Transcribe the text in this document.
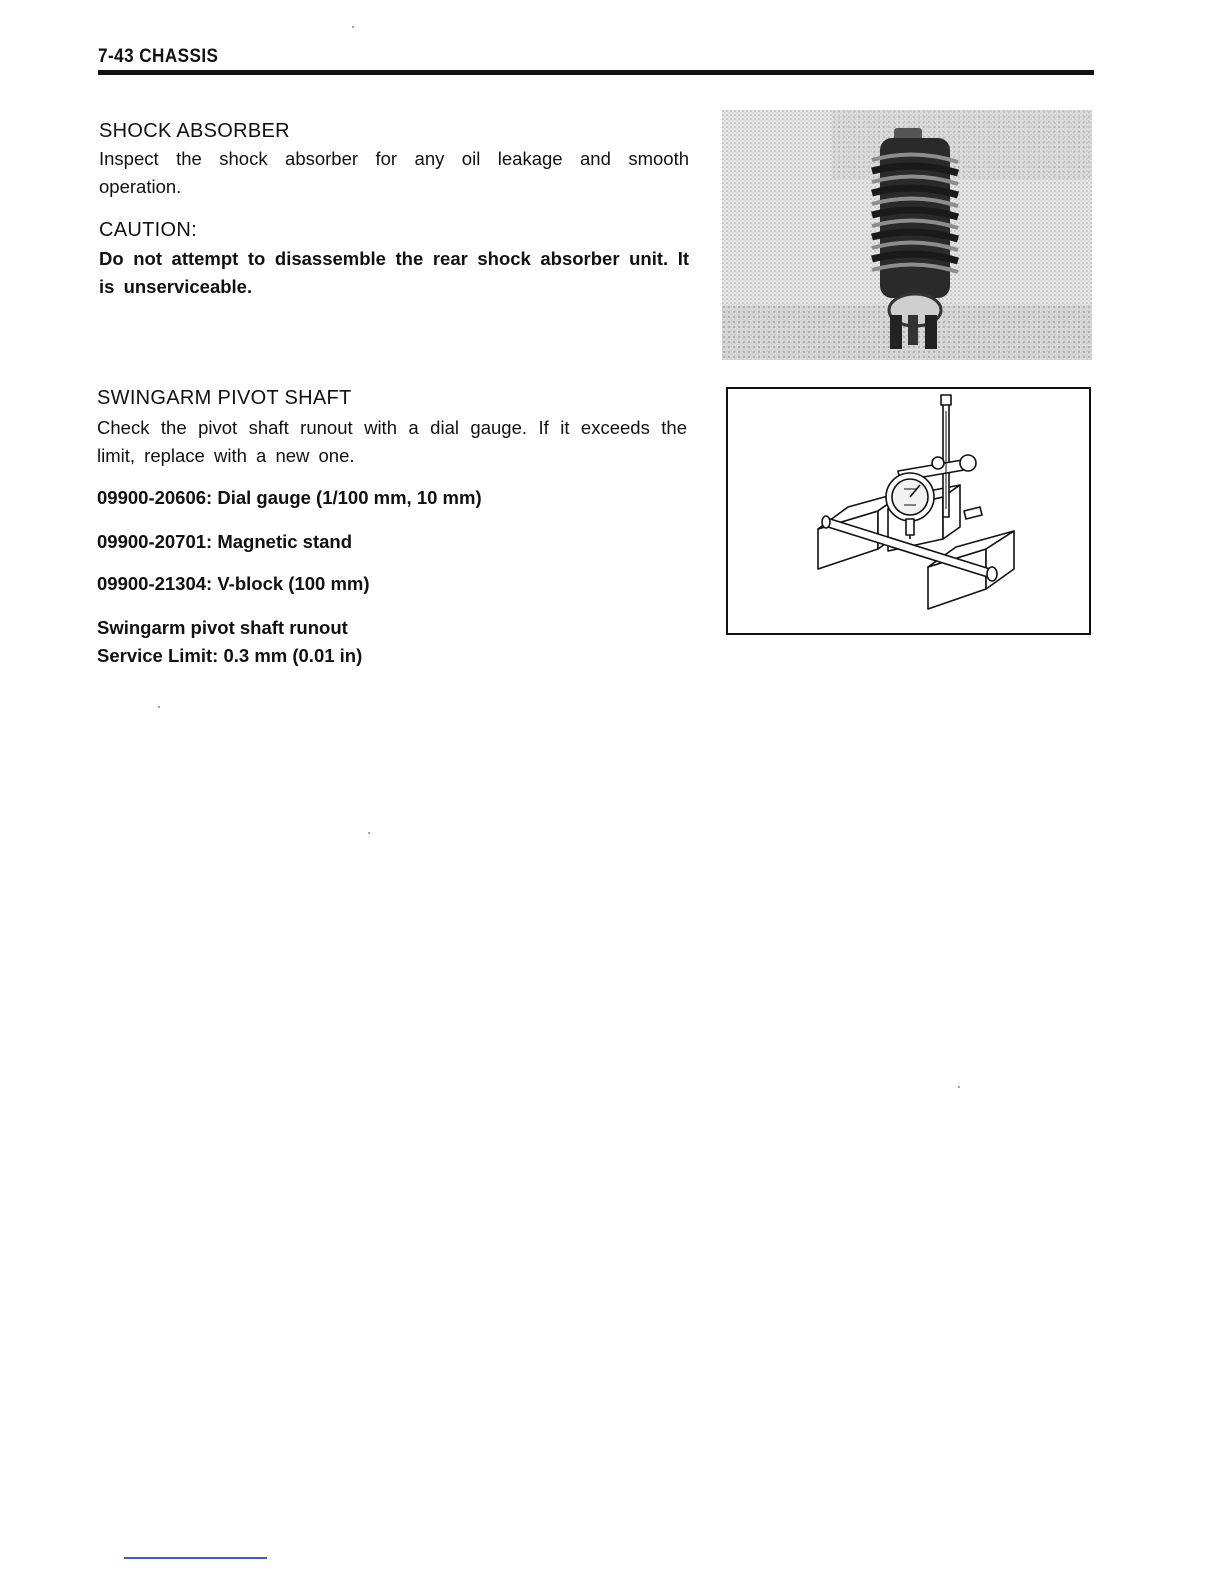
7-43 CHASSIS
SHOCK ABSORBER
Inspect the shock absorber for any oil leakage and smooth operation.
CAUTION:
Do not attempt to disassemble the rear shock absorber unit. It is unserviceable.
SWINGARM PIVOT SHAFT
Check the pivot shaft runout with a dial gauge. If it exceeds the limit, replace with a new one.
09900-20606: Dial gauge (1/100 mm, 10 mm)
09900-20701: Magnetic stand
09900-21304: V-block (100 mm)
Swingarm pivot shaft runout
Service Limit: 0.3 mm (0.01 in)
